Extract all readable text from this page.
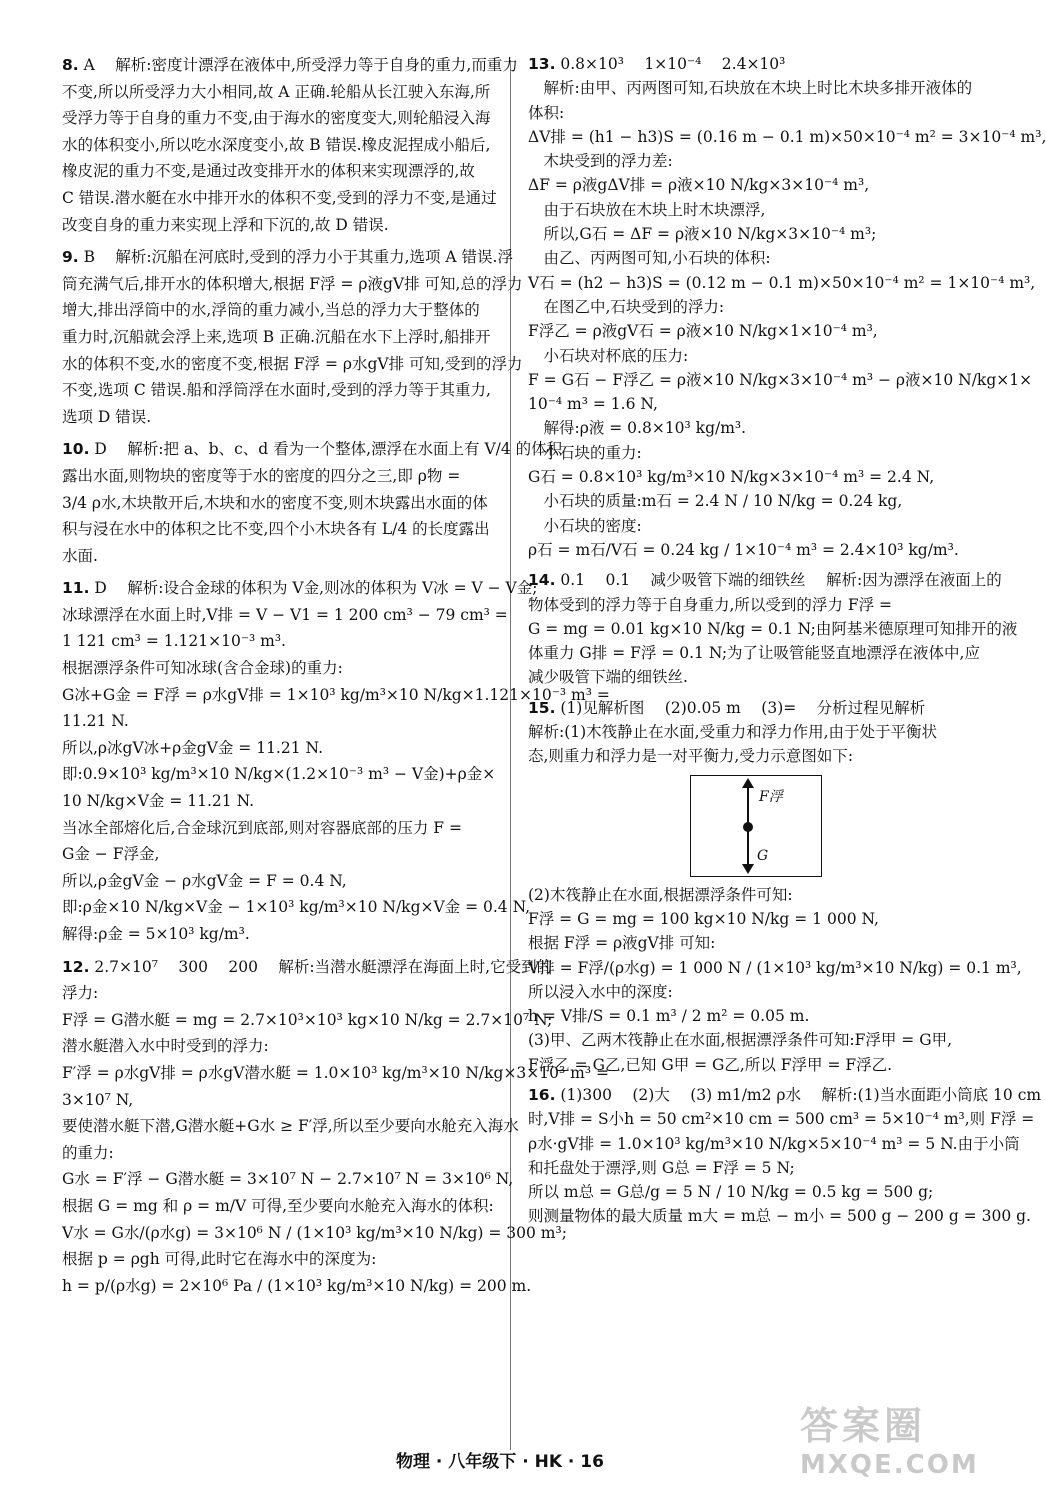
8. A 　解析:密度计漂浮在液体中,所受浮力等于自身的重力,而重力
不变,所以所受浮力大小相同,故 A 正确.轮船从长江驶入东海,所
受浮力等于自身的重力不变,由于海水的密度变大,则轮船浸入海
水的体积变小,所以吃水深度变小,故 B 错误.橡皮泥捏成小船后,
橡皮泥的重力不变,是通过改变排开水的体积来实现漂浮的,故
C 错误.潜水艇在水中排开水的体积不变,受到的浮力不变,是通过
改变自身的重力来实现上浮和下沉的,故 D 错误.
9. B 　解析:沉船在河底时,受到的浮力小于其重力,选项 A 错误.浮
筒充满气后,排开水的体积增大,根据 F浮 = ρ液gV排 可知,总的浮力
增大,排出浮筒中的水,浮筒的重力减小,当总的浮力大于整体的
重力时,沉船就会浮上来,选项 B 正确.沉船在水下上浮时,船排开
水的体积不变,水的密度不变,根据 F浮 = ρ水gV排 可知,受到的浮力
不变,选项 C 错误.船和浮筒浮在水面时,受到的浮力等于其重力,
选项 D 错误.
10. D 　解析:把 a、b、c、d 看为一个整体,漂浮在水面上有 V/4 的体积
露出水面,则物块的密度等于水的密度的四分之三,即 ρ物 =
3/4 ρ水,木块散开后,木块和水的密度不变,则木块露出水面的体
积与浸在水中的体积之比不变,四个小木块各有 L/4 的长度露出
水面.
11. D 　解析:设合金球的体积为 V金,则冰的体积为 V冰 = V − V金;
冰球漂浮在水面上时,V排 = V − V1 = 1 200 cm³ − 79 cm³ =
1 121 cm³ = 1.121×10⁻³ m³.
根据漂浮条件可知冰球(含合金球)的重力:
G冰+G金 = F浮 = ρ水gV排 = 1×10³ kg/m³×10 N/kg×1.121×10⁻³ m³ =
11.21 N.
所以,ρ冰gV冰+ρ金gV金 = 11.21 N.
即:0.9×10³ kg/m³×10 N/kg×(1.2×10⁻³ m³ − V金)+ρ金×
10 N/kg×V金 = 11.21 N.
当冰全部熔化后,合金球沉到底部,则对容器底部的压力 F =
G金 − F浮金,
所以,ρ金gV金 − ρ水gV金 = F = 0.4 N,
即:ρ金×10 N/kg×V金 − 1×10³ kg/m³×10 N/kg×V金 = 0.4 N,
解得:ρ金 = 5×10³ kg/m³.
12. 2.7×10⁷ 　300 　200 　解析:当潜水艇漂浮在海面上时,它受到的
浮力:
F浮 = G潜水艇 = mg = 2.7×10³×10³ kg×10 N/kg = 2.7×10⁷ N;
潜水艇潜入水中时受到的浮力:
F′浮 = ρ水gV排 = ρ水gV潜水艇 = 1.0×10³ kg/m³×10 N/kg×3×10³ m³ =
3×10⁷ N,
要使潜水艇下潜,G潜水艇+G水 ≥ F′浮,所以至少要向水舱充入海水
的重力:
G水 = F′浮 − G潜水艇 = 3×10⁷ N − 2.7×10⁷ N = 3×10⁶ N,
根据 G = mg 和 ρ = m/V 可得,至少要向水舱充入海水的体积:
V水 = G水/(ρ水g) = 3×10⁶ N / (1×10³ kg/m³×10 N/kg) = 300 m³;
根据 p = ρgh 可得,此时它在海水中的深度为:
h = p/(ρ水g) = 2×10⁶ Pa / (1×10³ kg/m³×10 N/kg) = 200 m.
13. 0.8×10³ 　1×10⁻⁴ 　2.4×10³
　解析:由甲、丙两图可知,石块放在木块上时比木块多排开液体的
体积:
ΔV排 = (h1 − h3)S = (0.16 m − 0.1 m)×50×10⁻⁴ m² = 3×10⁻⁴ m³,
　木块受到的浮力差:
ΔF = ρ液gΔV排 = ρ液×10 N/kg×3×10⁻⁴ m³,
　由于石块放在木块上时木块漂浮,
　所以,G石 = ΔF = ρ液×10 N/kg×3×10⁻⁴ m³;
　由乙、丙两图可知,小石块的体积:
V石 = (h2 − h3)S = (0.12 m − 0.1 m)×50×10⁻⁴ m² = 1×10⁻⁴ m³,
　在图乙中,石块受到的浮力:
F浮乙 = ρ液gV石 = ρ液×10 N/kg×1×10⁻⁴ m³,
　小石块对杯底的压力:
F = G石 − F浮乙 = ρ液×10 N/kg×3×10⁻⁴ m³ − ρ液×10 N/kg×1×
10⁻⁴ m³ = 1.6 N,
　解得:ρ液 = 0.8×10³ kg/m³.
　小石块的重力:
G石 = 0.8×10³ kg/m³×10 N/kg×3×10⁻⁴ m³ = 2.4 N,
　小石块的质量:m石 = 2.4 N / 10 N/kg = 0.24 kg,
　小石块的密度:
ρ石 = m石/V石 = 0.24 kg / 1×10⁻⁴ m³ = 2.4×10³ kg/m³.
14. 0.1 　0.1 　减少吸管下端的细铁丝 　解析:因为漂浮在液面上的
物体受到的浮力等于自身重力,所以受到的浮力 F浮 =
G = mg = 0.01 kg×10 N/kg = 0.1 N;由阿基米德原理可知排开的液
体重力 G排 = F浮 = 0.1 N;为了让吸管能竖直地漂浮在液体中,应
减少吸管下端的细铁丝.
15. (1)见解析图 　(2)0.05 m 　(3)= 　分析过程见解析
解析:(1)木筏静止在水面,受重力和浮力作用,由于处于平衡状
态,则重力和浮力是一对平衡力,受力示意图如下:
F浮
G
(2)木筏静止在水面,根据漂浮条件可知:
F浮 = G = mg = 100 kg×10 N/kg = 1 000 N,
根据 F浮 = ρ液gV排 可知:
V排 = F浮/(ρ水g) = 1 000 N / (1×10³ kg/m³×10 N/kg) = 0.1 m³,
所以浸入水中的深度:
h = V排/S = 0.1 m³ / 2 m² = 0.05 m.
(3)甲、乙两木筏静止在水面,根据漂浮条件可知:F浮甲 = G甲,
F浮乙 = G乙,已知 G甲 = G乙,所以 F浮甲 = F浮乙.
16. (1)300 　(2)大 　(3) m1/m2 ρ水 　解析:(1)当水面距小筒底 10 cm
时,V排 = S小h = 50 cm²×10 cm = 500 cm³ = 5×10⁻⁴ m³,则 F浮 =
ρ水·gV排 = 1.0×10³ kg/m³×10 N/kg×5×10⁻⁴ m³ = 5 N.由于小筒
和托盘处于漂浮,则 G总 = F浮 = 5 N;
所以 m总 = G总/g = 5 N / 10 N/kg = 0.5 kg = 500 g;
则测量物体的最大质量 m大 = m总 − m小 = 500 g − 200 g = 300 g.
物理 · 八年级下 · HK · 16
答案圈
MXQE.COM
